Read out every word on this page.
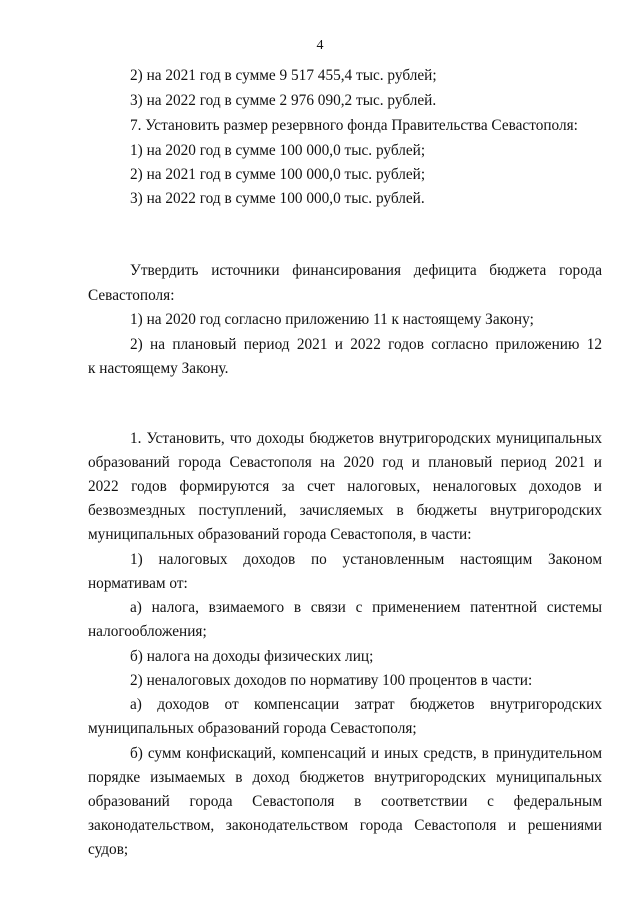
4
2) на 2021 год в сумме 9 517 455,4 тыс. рублей;
3) на 2022 год в сумме 2 976 090,2 тыс. рублей.
7. Установить размер резервного фонда Правительства Севастополя:
1) на 2020 год в сумме 100 000,0 тыс. рублей;
2) на 2021 год в сумме 100 000,0 тыс. рублей;
3) на 2022 год в сумме 100 000,0 тыс. рублей.
Утвердить источники финансирования дефицита бюджета города
Севастополя:
1) на 2020 год согласно приложению 11 к настоящему Закону;
2) на плановый период 2021 и 2022 годов согласно приложению 12
к настоящему Закону.
1. Установить, что доходы бюджетов внутригородских муниципальных
образований города Севастополя на 2020 год и плановый период 2021 и
2022 годов формируются за счет налоговых, неналоговых доходов и
безвозмездных поступлений, зачисляемых в бюджеты внутригородских
муниципальных образований города Севастополя, в части:
1) налоговых доходов по установленным настоящим Законом
нормативам от:
а) налога, взимаемого в связи с применением патентной системы
налогообложения;
б) налога на доходы физических лиц;
2) неналоговых доходов по нормативу 100 процентов в части:
а) доходов от компенсации затрат бюджетов внутригородских
муниципальных образований города Севастополя;
б) сумм конфискаций, компенсаций и иных средств, в принудительном
порядке изымаемых в доход бюджетов внутригородских муниципальных
образований города Севастополя в соответствии с федеральным
законодательством, законодательством города Севастополя и решениями
судов;
